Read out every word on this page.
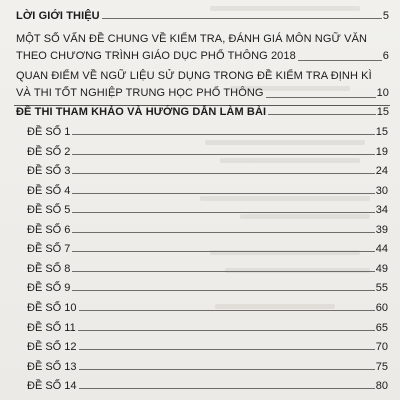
LỜI GIỚI THIỆU	5
MỘT SỐ VẤN ĐỀ CHUNG VỀ KIỂM TRA, ĐÁNH GIÁ MÔN NGỮ VĂN
THEO CHƯƠNG TRÌNH GIÁO DỤC PHỔ THÔNG 2018	6
QUAN ĐIỂM VỀ NGỮ LIỆU SỬ DỤNG TRONG ĐỀ KIỂM TRA ĐỊNH KÌ
VÀ THI TỐT NGHIỆP TRUNG HỌC PHỔ THÔNG	10
ĐỀ THI THAM KHẢO VÀ HƯỚNG DẪN LÀM BÀI	15
ĐỀ SỐ 1	15
ĐỀ SỐ 2	19
ĐỀ SỐ 3	24
ĐỀ SỐ 4	30
ĐỀ SỐ 5	34
ĐỀ SỐ 6	39
ĐỀ SỐ 7	44
ĐỀ SỐ 8	49
ĐỀ SỐ 9	55
ĐỀ SỐ 10	60
ĐỀ SỐ 11	65
ĐỀ SỐ 12	70
ĐỀ SỐ 13	75
ĐỀ SỐ 14	80
